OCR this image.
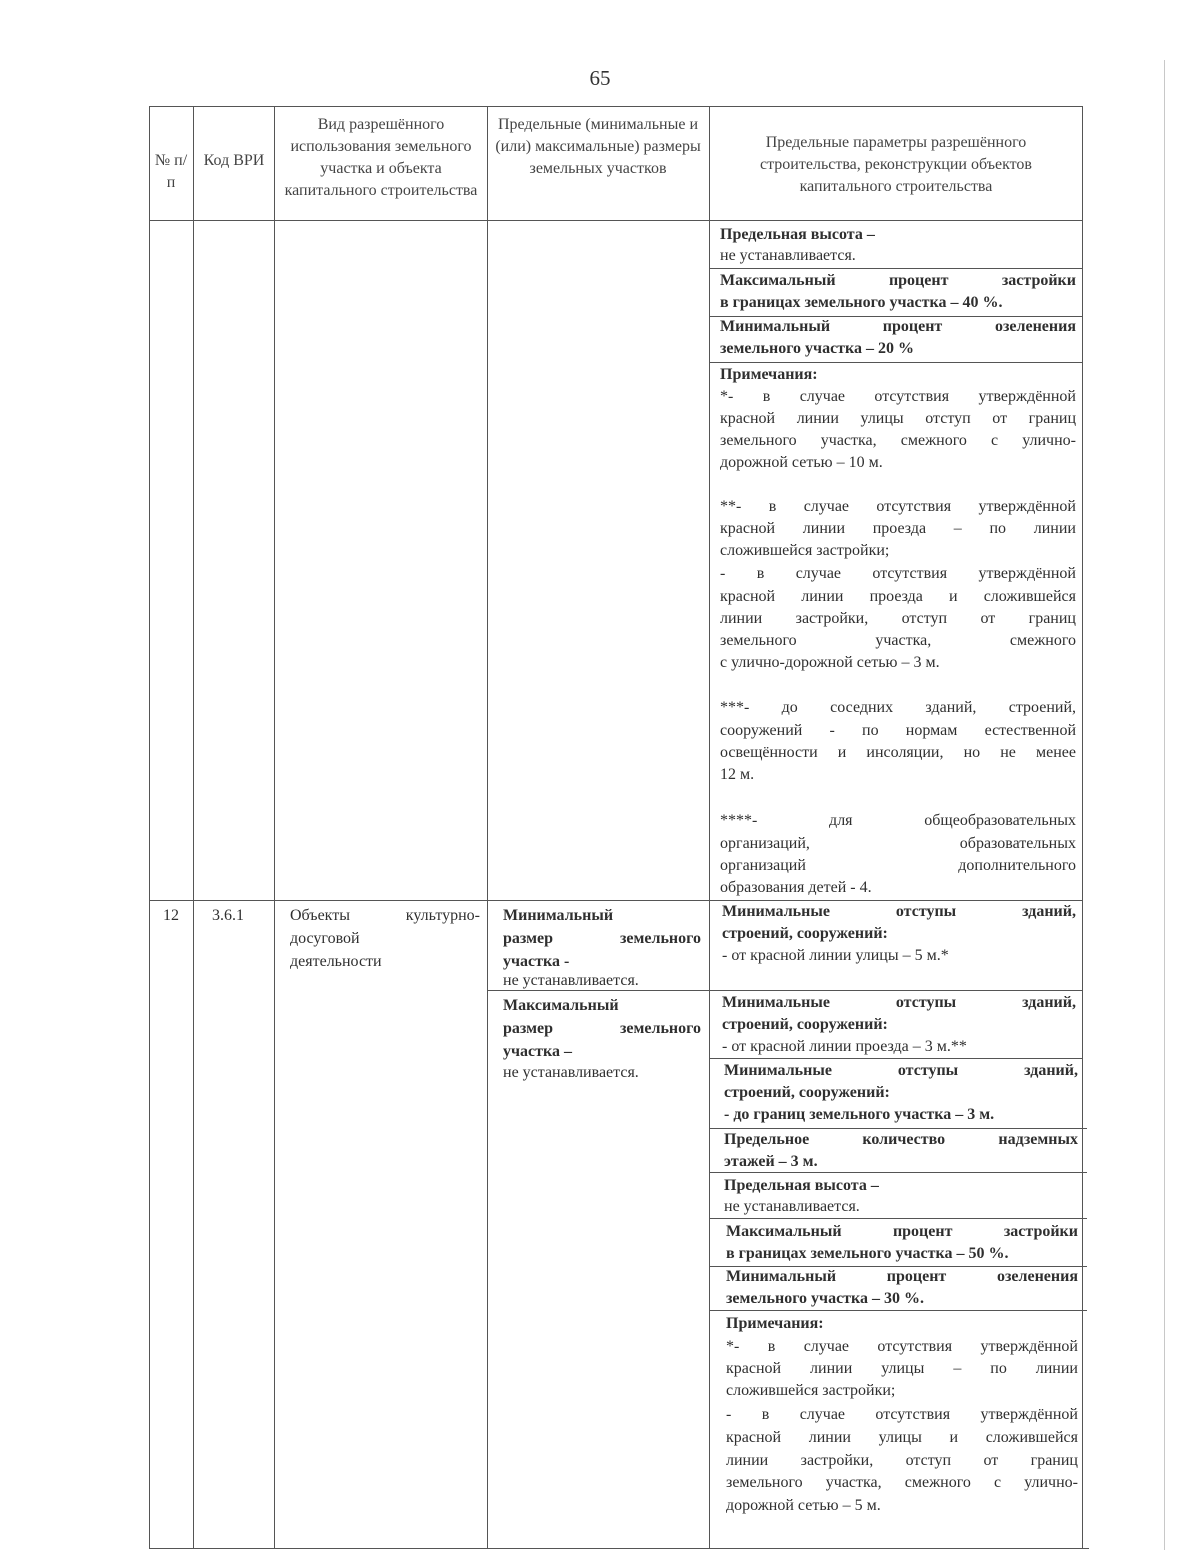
65
№ п/п
Код ВРИ
Вид разрешённого использования земельного участка и объекта капитального строительства
Предельные (минимальные и (или) максимальные) размеры земельных участков
Предельные параметры разрешённого строительства, реконструкции объектов капитального строительства
Предельная высота –
не устанавливается.
Максимальный процент застройки
в границах земельного участка – 40 %.
Минимальный процент озеленения
земельного участка – 20 %
Примечания:
*- в случае отсутствия утверждённой
красной линии улицы отступ от границ
земельного участка, смежного с улично-
дорожной сетью – 10 м.
**- в случае отсутствия утверждённой
красной линии проезда – по линии
сложившейся застройки;
- в случае отсутствия утверждённой
красной линии проезда и сложившейся
линии застройки, отступ от границ
земельного участка, смежного
с улично-дорожной сетью – 3 м.
***- до соседних зданий, строений,
сооружений - по нормам естественной
освещённости и инсоляции, но не менее
12 м.
****- для общеобразовательных
организаций, образовательных
организаций дополнительного
образования детей - 4.
12	3.6.1	Объекты культурно-
досуговой
деятельности
Минимальный
размер земельного
участка -
не устанавливается.
Максимальный
размер земельного
участка –
не устанавливается.
Минимальные отступы зданий,
строений, сооружений:
- от красной линии улицы – 5 м.*
Минимальные отступы зданий,
строений, сооружений:
- от красной линии проезда – 3 м.**
Минимальные отступы зданий,
строений, сооружений:
- до границ земельного участка – 3 м.
Предельное количество надземных
этажей – 3 м.
Предельная высота –
не устанавливается.
Максимальный процент застройки
в границах земельного участка – 50 %.
Минимальный процент озеленения
земельного участка – 30 %.
Примечания:
*- в случае отсутствия утверждённой
красной линии улицы – по линии
сложившейся застройки;
- в случае отсутствия утверждённой
красной линии улицы и сложившейся
линии застройки, отступ от границ
земельного участка, смежного с улично-
дорожной сетью – 5 м.
